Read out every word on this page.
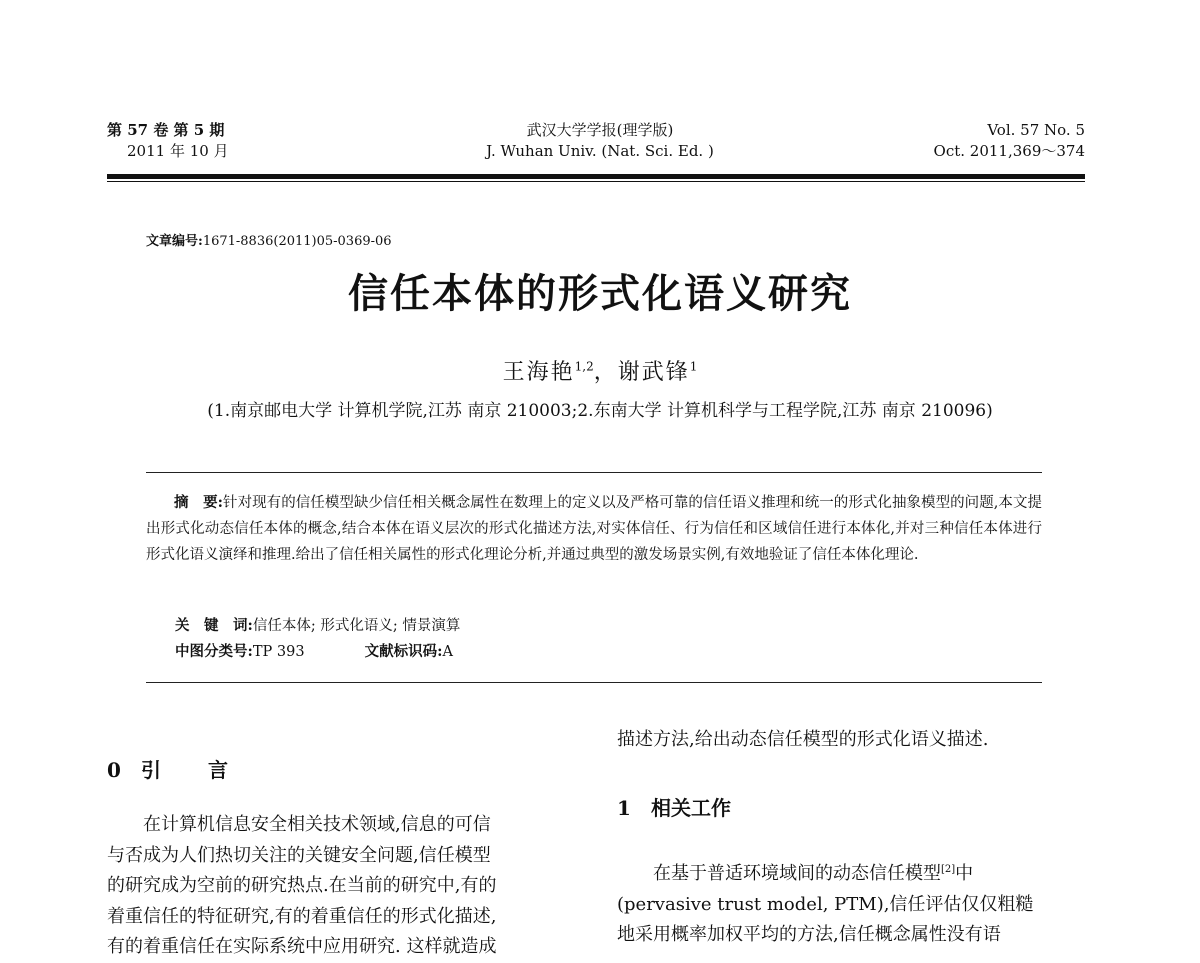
第 57 卷 第 5 期
2011 年 10 月
武汉大学学报(理学版)
J. Wuhan Univ. (Nat. Sci. Ed. )
Vol. 57 No. 5
Oct. 2011,369～374
文章编号:1671-8836(2011)05-0369-06
信任本体的形式化语义研究
王海艳$^{1,2}$，谢武锋$^1$
(1.南京邮电大学 计算机学院,江苏 南京 210003;2.东南大学 计算机科学与工程学院,江苏 南京 210096)

摘　要:针对现有的信任模型缺少信任相关概念属性在数理上的定义以及严格可靠的信任语义推理和统一的形式化抽象模型的问题,本文提出形式化动态信任本体的概念,结合本体在语义层次的形式化描述方法,对实体信任、行为信任和区域信任进行本体化,并对三种信任本体进行形式化语义演绎和推理.给出了信任相关属性的形式化理论分析,并通过典型的激发场景实例,有效地验证了信任本体化理论.

关　键　词:信任本体; 形式化语义; 情景演算
中图分类号:TP 393	文献标识码:A
0 引 言

在计算机信息安全相关技术领域,信息的可信

与否成为人们热切关注的关键安全问题,信任模型

的研究成为空前的研究热点.在当前的研究中,有的

着重信任的特征研究,有的着重信任的形式化描述,

有的着重信任在实际系统中应用研究. 这样就造成

描述方法,给出动态信任模型的形式化语义描述.

1 相关工作

在基于普适环境域间的动态信任模型[2]中

(pervasive trust model, PTM),信任评估仅仅粗糙

地采用概率加权平均的方法,信任概念属性没有语
